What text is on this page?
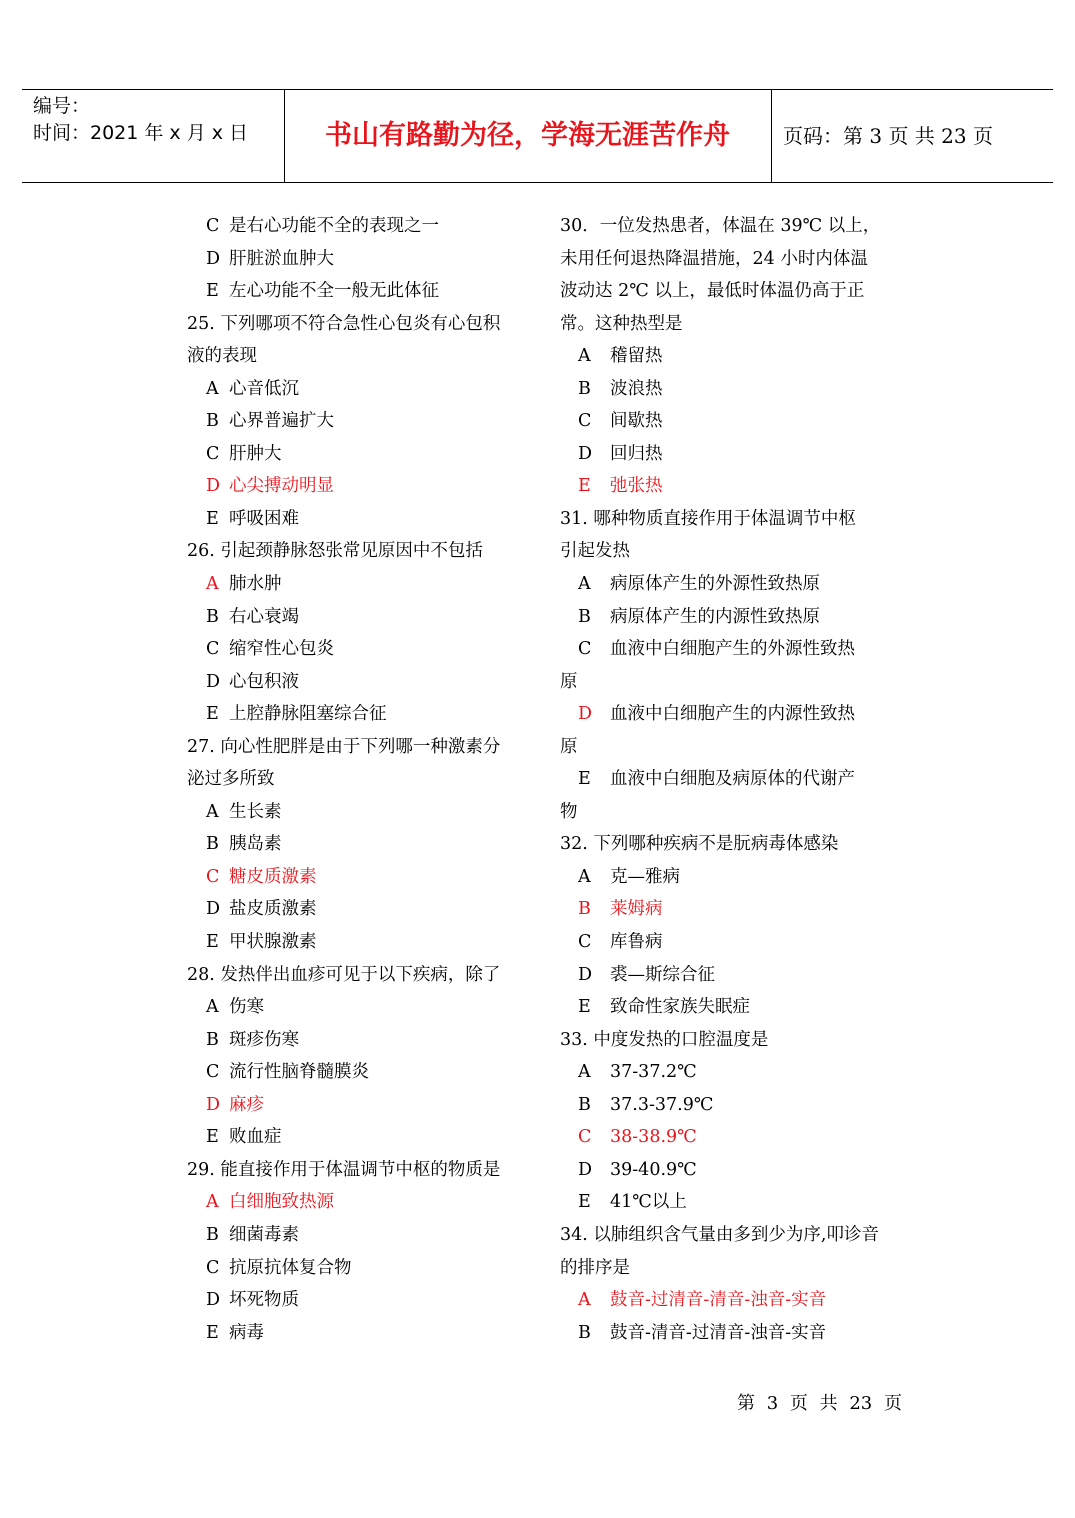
编号：
时间：2021 年 x 月 x 日	书山有路勤为径，学海无涯苦作舟	页码：第 3 页 共 23 页
C 是右心功能不全的表现之一
D 肝脏淤血肿大
E 左心功能不全一般无此体征
25. 下列哪项不符合急性心包炎有心包积
液的表现
A 心音低沉
B 心界普遍扩大
C 肝肿大
D 心尖搏动明显
E 呼吸困难
26. 引起颈静脉怒张常见原因中不包括
A 肺水肿
B 右心衰竭
C 缩窄性心包炎
D 心包积液
E 上腔静脉阻塞综合征
27. 向心性肥胖是由于下列哪一种激素分
泌过多所致
A 生长素
B 胰岛素
C 糖皮质激素
D 盐皮质激素
E 甲状腺激素
28. 发热伴出血疹可见于以下疾病，除了
A 伤寒
B 斑疹伤寒
C 流行性脑脊髓膜炎
D 麻疹
E 败血症
29. 能直接作用于体温调节中枢的物质是
A 白细胞致热源
B 细菌毒素
C 抗原抗体复合物
D 坏死物质
E 病毒
30．一位发热患者，体温在 39℃ 以上，
未用任何退热降温措施，24 小时内体温
波动达 2℃ 以上，最低时体温仍高于正
常。这种热型是
A 稽留热
B 波浪热
C 间歇热
D 回归热
E 弛张热
31. 哪种物质直接作用于体温调节中枢
引起发热
A 病原体产生的外源性致热原
B 病原体产生的内源性致热原
C 血液中白细胞产生的外源性致热
原
D 血液中白细胞产生的内源性致热
原
E 血液中白细胞及病原体的代谢产
物
32. 下列哪种疾病不是朊病毒体感染
A 克—雅病
B 莱姆病
C 库鲁病
D 裘—斯综合征
E 致命性家族失眠症
33. 中度发热的口腔温度是
A 37-37.2℃
B 37.3-37.9℃
C 38-38.9℃
D 39-40.9℃
E 41℃以上
34. 以肺组织含气量由多到少为序,叩诊音
的排序是
A 鼓音-过清音-清音-浊音-实音
B 鼓音-清音-过清音-浊音-实音
第 3 页 共 23 页
